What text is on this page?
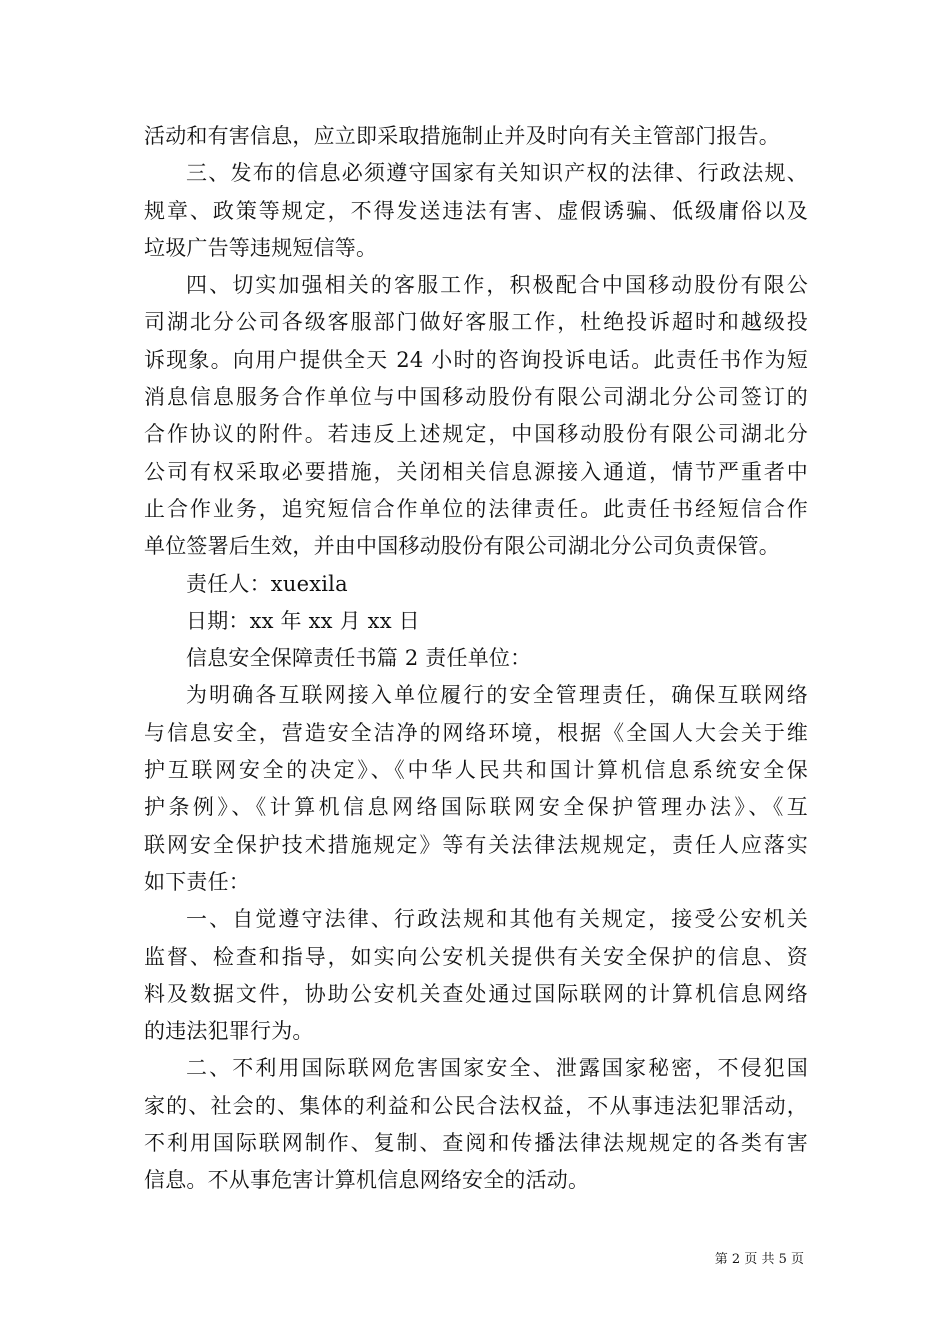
活动和有害信息，应立即采取措施制止并及时向有关主管部门报告。
三、发布的信息必须遵守国家有关知识产权的法律、行政法规、
规章、政策等规定，不得发送违法有害、虚假诱骗、低级庸俗以及
垃圾广告等违规短信等。
四、切实加强相关的客服工作，积极配合中国移动股份有限公
司湖北分公司各级客服部门做好客服工作，杜绝投诉超时和越级投
诉现象。向用户提供全天 24 小时的咨询投诉电话。此责任书作为短
消息信息服务合作单位与中国移动股份有限公司湖北分公司签订的
合作协议的附件。若违反上述规定，中国移动股份有限公司湖北分
公司有权采取必要措施，关闭相关信息源接入通道，情节严重者中
止合作业务，追究短信合作单位的法律责任。此责任书经短信合作
单位签署后生效，并由中国移动股份有限公司湖北分公司负责保管。
责任人：xuexila
日期：xx 年 xx 月 xx 日
信息安全保障责任书篇 2 责任单位：
为明确各互联网接入单位履行的安全管理责任，确保互联网络
与信息安全，营造安全洁净的网络环境，根据《全国人大会关于维
护互联网安全的决定》、《中华人民共和国计算机信息系统安全保
护条例》、《计算机信息网络国际联网安全保护管理办法》、《互
联网安全保护技术措施规定》等有关法律法规规定，责任人应落实
如下责任：
一、自觉遵守法律、行政法规和其他有关规定，接受公安机关
监督、检查和指导，如实向公安机关提供有关安全保护的信息、资
料及数据文件，协助公安机关查处通过国际联网的计算机信息网络
的违法犯罪行为。
二、不利用国际联网危害国家安全、泄露国家秘密，不侵犯国
家的、社会的、集体的利益和公民合法权益，不从事违法犯罪活动，
不利用国际联网制作、复制、查阅和传播法律法规规定的各类有害
信息。不从事危害计算机信息网络安全的活动。
第 2 页 共 5 页
